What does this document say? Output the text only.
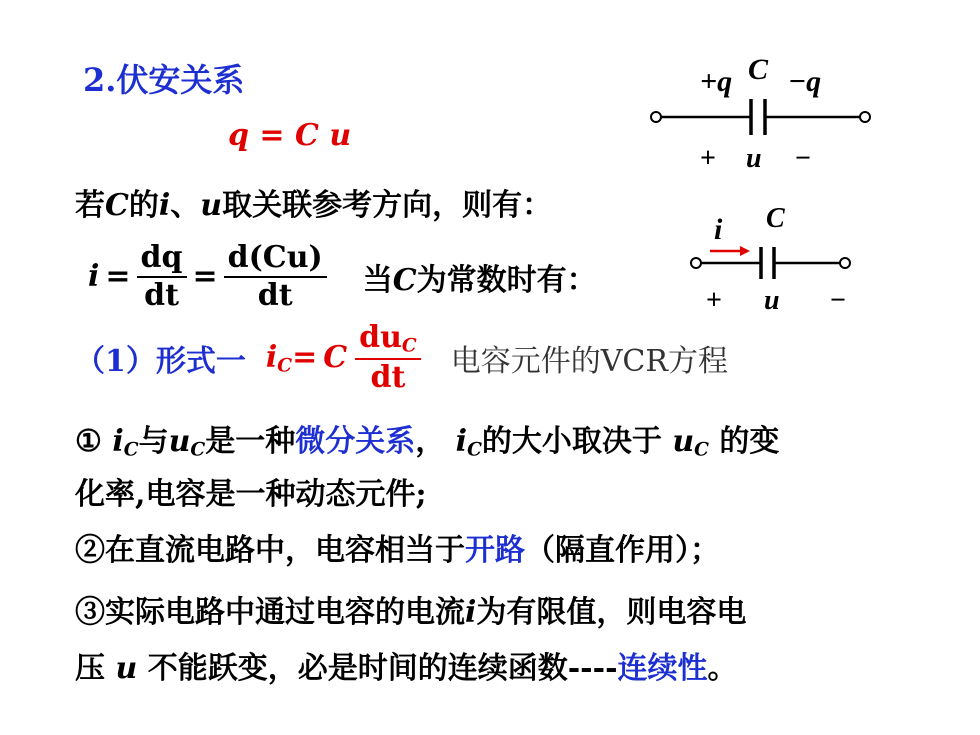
2.伏安关系
q = C u
+q C −q
+ u −
若C的i、u取关联参考方向，则有：
$i = \frac{dq}{dt} = \frac{d(Cu)}{dt}$ 当C为常数时有：
i C
+ u −
（1）形式一 $i_C = C \frac{du_C}{dt}$ 电容元件的VCR方程
① $i_C$与$u_C$是一种微分关系， $i_C$的大小取决于 $u_C$ 的变
化率,电容是一种动态元件;
②在直流电路中，电容相当于开路（隔直作用）；
③实际电路中通过电容的电流i为有限值，则电容电
压 u 不能跃变，必是时间的连续函数----连续性。
